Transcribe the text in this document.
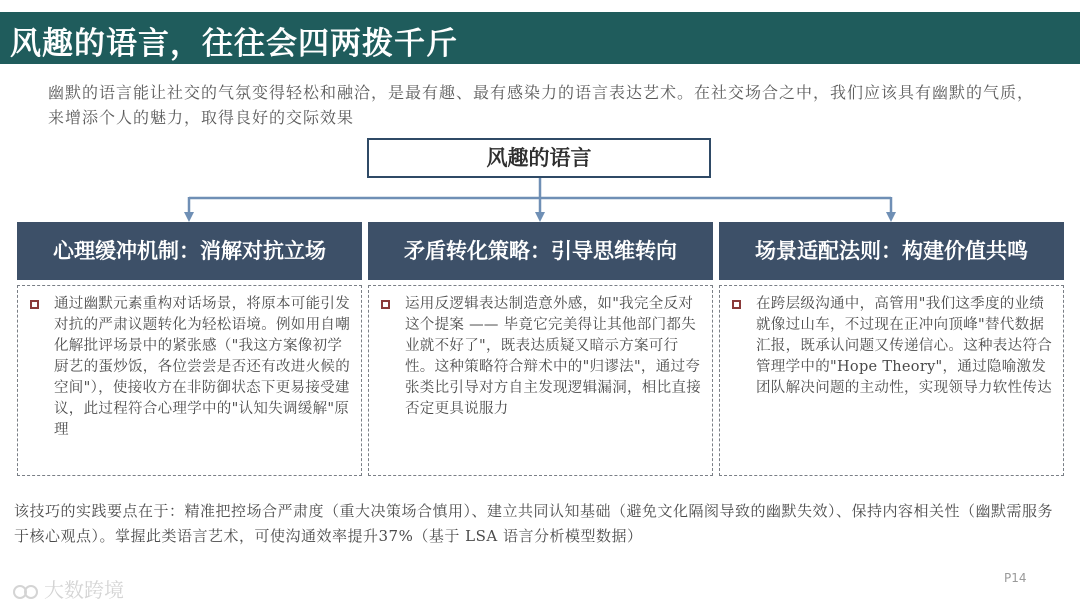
风趣的语言，往往会四两拨千斤
幽默的语言能让社交的气氛变得轻松和融洽，是最有趣、最有感染力的语言表达艺术。在社交场合之中，我们应该具有幽默的气质，来增添个人的魅力，取得良好的交际效果
风趣的语言
心理缓冲机制：消解对抗立场
通过幽默元素重构对话场景，将原本可能引发对抗的严肃议题转化为轻松语境。例如用自嘲化解批评场景中的紧张感（"我这方案像初学厨艺的蛋炒饭，各位尝尝是否还有改进火候的空间"），使接收方在非防御状态下更易接受建议，此过程符合心理学中的"认知失调缓解"原理
矛盾转化策略：引导思维转向
运用反逻辑表达制造意外感，如"我完全反对这个提案 —— 毕竟它完美得让其他部门都失业就不好了"，既表达质疑又暗示方案可行性。这种策略符合辩术中的"归谬法"，通过夸张类比引导对方自主发现逻辑漏洞，相比直接否定更具说服力
场景适配法则：构建价值共鸣
在跨层级沟通中，高管用"我们这季度的业绩就像过山车，不过现在正冲向顶峰"替代数据汇报，既承认问题又传递信心。这种表达符合管理学中的"Hope Theory"，通过隐喻激发团队解决问题的主动性，实现领导力软性传达
该技巧的实践要点在于：精准把控场合严肃度（重大决策场合慎用）、建立共同认知基础（避免文化隔阂导致的幽默失效）、保持内容相关性（幽默需服务于核心观点）。掌握此类语言艺术，可使沟通效率提升37%（基于 LSA 语言分析模型数据）
大数跨境	P14
